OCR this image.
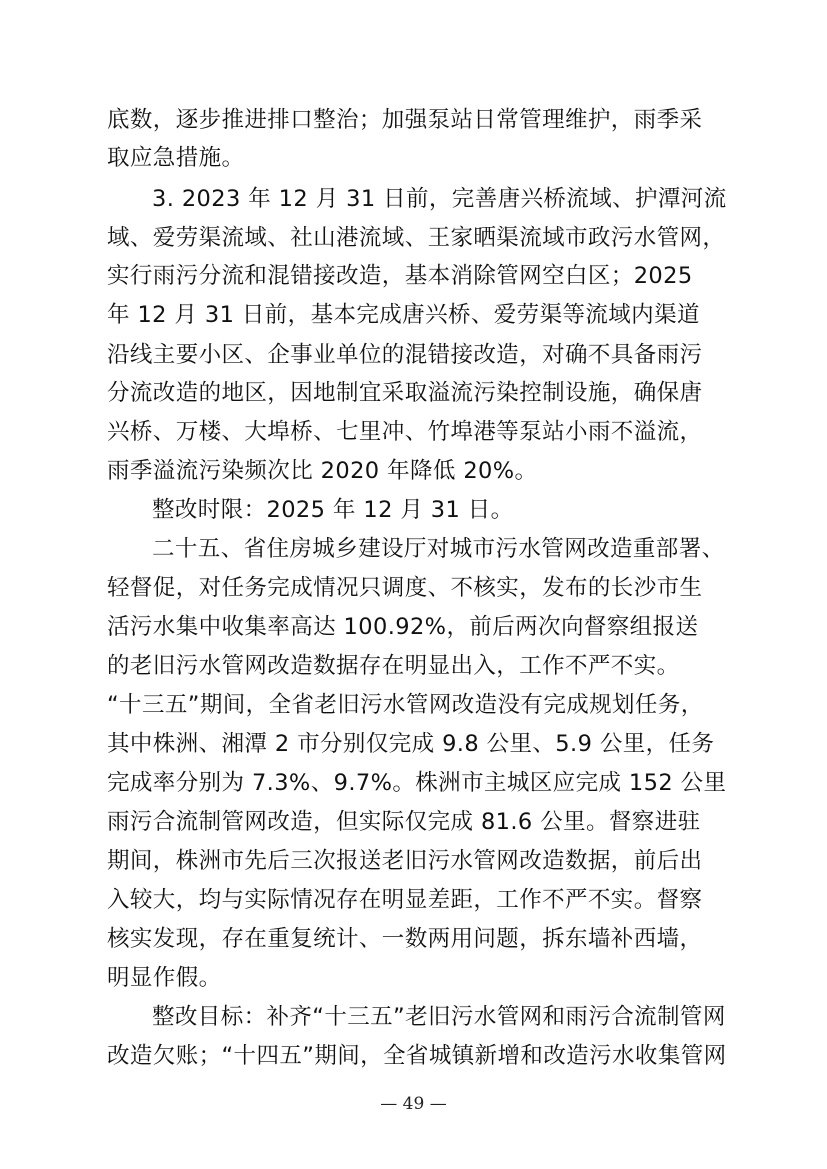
底数，逐步推进排口整治；加强泵站日常管理维护，雨季采
取应急措施。
3. 2023 年 12 月 31 日前，完善唐兴桥流域、护潭河流
域、爱劳渠流域、社山港流域、王家晒渠流域市政污水管网，
实行雨污分流和混错接改造，基本消除管网空白区；2025
年 12 月 31 日前，基本完成唐兴桥、爱劳渠等流域内渠道
沿线主要小区、企事业单位的混错接改造，对确不具备雨污
分流改造的地区，因地制宜采取溢流污染控制设施，确保唐
兴桥、万楼、大埠桥、七里冲、竹埠港等泵站小雨不溢流，
雨季溢流污染频次比 2020 年降低 20%。
整改时限：2025 年 12 月 31 日。
二十五、省住房城乡建设厅对城市污水管网改造重部署、
轻督促，对任务完成情况只调度、不核实，发布的长沙市生
活污水集中收集率高达 100.92%，前后两次向督察组报送
的老旧污水管网改造数据存在明显出入，工作不严不实。
“十三五”期间，全省老旧污水管网改造没有完成规划任务，
其中株洲、湘潭 2 市分别仅完成 9.8 公里、5.9 公里，任务
完成率分别为 7.3%、9.7%。株洲市主城区应完成 152 公里
雨污合流制管网改造，但实际仅完成 81.6 公里。督察进驻
期间，株洲市先后三次报送老旧污水管网改造数据，前后出
入较大，均与实际情况存在明显差距，工作不严不实。督察
核实发现，存在重复统计、一数两用问题，拆东墙补西墙，
明显作假。
整改目标：补齐“十三五”老旧污水管网和雨污合流制管网
改造欠账；“十四五”期间，全省城镇新增和改造污水收集管网
— 49 —
